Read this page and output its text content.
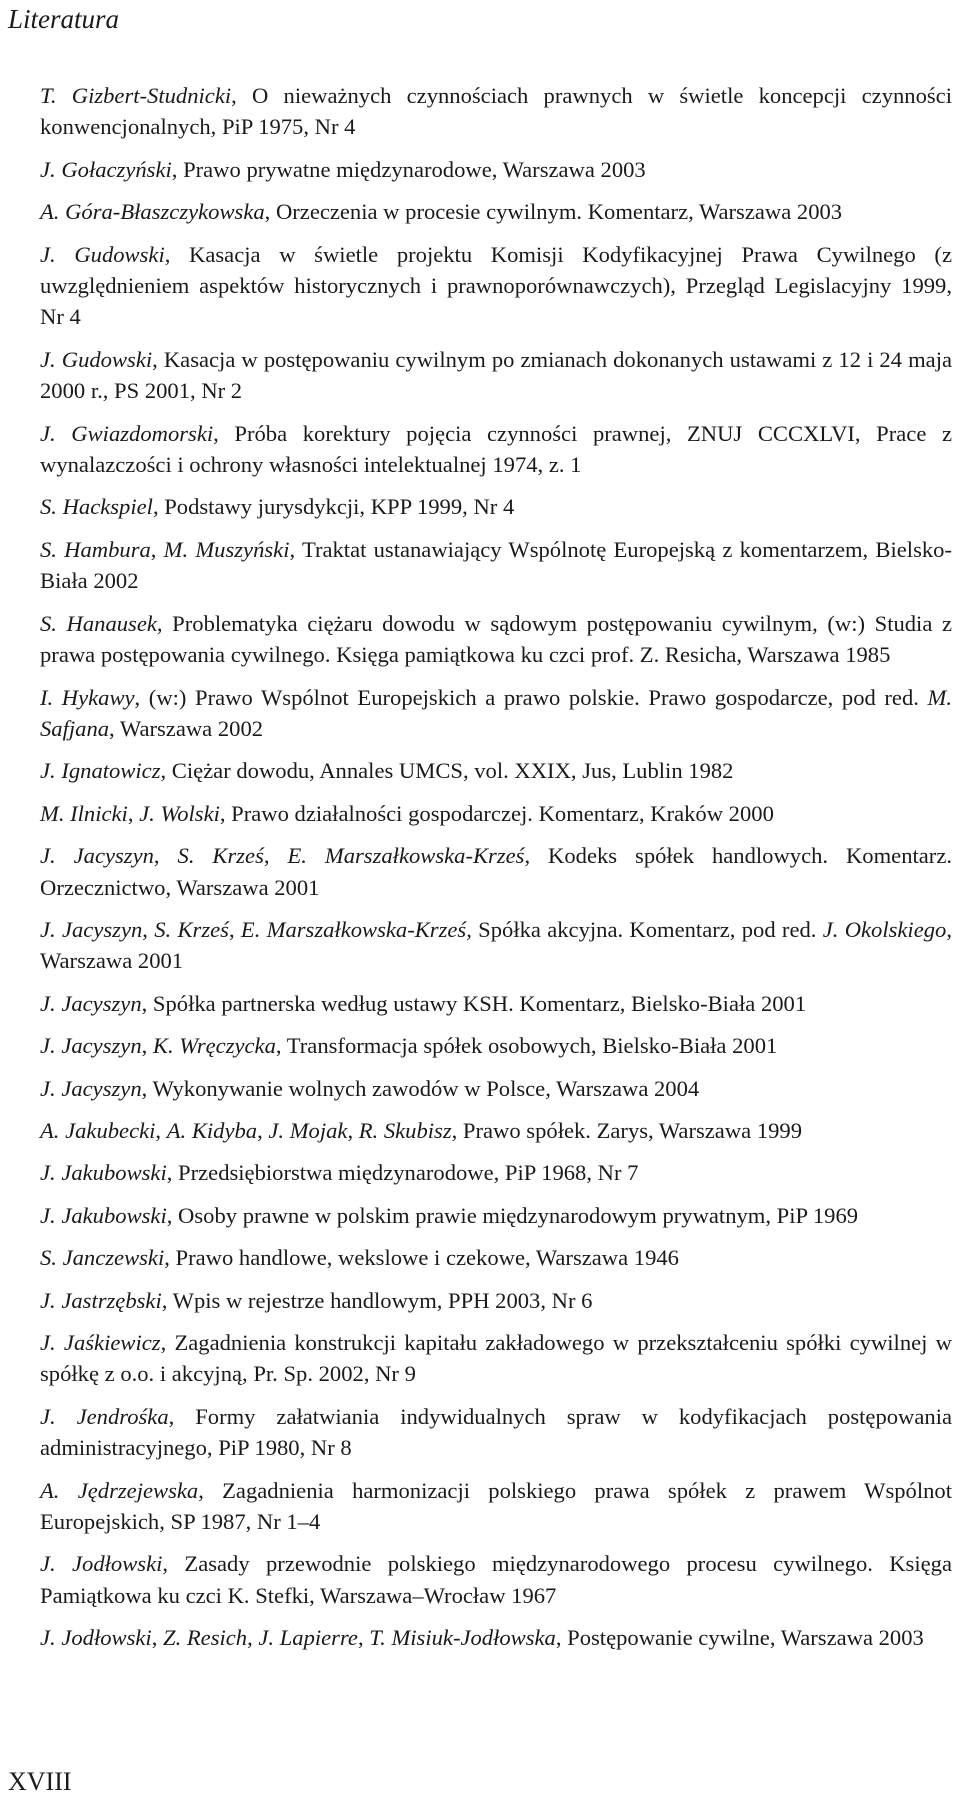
Literatura
T. Gizbert-Studnicki, O nieważnych czynnościach prawnych w świetle koncepcji czynności konwencjonalnych, PiP 1975, Nr 4
J. Gołaczyński, Prawo prywatne międzynarodowe, Warszawa 2003
A. Góra-Błaszczykowska, Orzeczenia w procesie cywilnym. Komentarz, Warszawa 2003
J. Gudowski, Kasacja w świetle projektu Komisji Kodyfikacyjnej Prawa Cywilnego (z uwzględnieniem aspektów historycznych i prawnoporównawczych), Przegląd Legislacyjny 1999, Nr 4
J. Gudowski, Kasacja w postępowaniu cywilnym po zmianach dokonanych ustawami z 12 i 24 maja 2000 r., PS 2001, Nr 2
J. Gwiazdomorski, Próba korektury pojęcia czynności prawnej, ZNUJ CCCXLVI, Prace z wynalazczości i ochrony własności intelektualnej 1974, z. 1
S. Hackspiel, Podstawy jurysdykcji, KPP 1999, Nr 4
S. Hambura, M. Muszyński, Traktat ustanawiający Wspólnotę Europejską z komentarzem, Bielsko-Biała 2002
S. Hanausek, Problematyka ciężaru dowodu w sądowym postępowaniu cywilnym, (w:) Studia z prawa postępowania cywilnego. Księga pamiątkowa ku czci prof. Z. Resicha, Warszawa 1985
I. Hykawy, (w:) Prawo Wspólnot Europejskich a prawo polskie. Prawo gospodarcze, pod red. M. Safjana, Warszawa 2002
J. Ignatowicz, Ciężar dowodu, Annales UMCS, vol. XXIX, Jus, Lublin 1982
M. Ilnicki, J. Wolski, Prawo działalności gospodarczej. Komentarz, Kraków 2000
J. Jacyszyn, S. Krześ, E. Marszałkowska-Krześ, Kodeks spółek handlowych. Komentarz. Orzecznictwo, Warszawa 2001
J. Jacyszyn, S. Krześ, E. Marszałkowska-Krześ, Spółka akcyjna. Komentarz, pod red. J. Okolskiego, Warszawa 2001
J. Jacyszyn, Spółka partnerska według ustawy KSH. Komentarz, Bielsko-Biała 2001
J. Jacyszyn, K. Wręczycka, Transformacja spółek osobowych, Bielsko-Biała 2001
J. Jacyszyn, Wykonywanie wolnych zawodów w Polsce, Warszawa 2004
A. Jakubecki, A. Kidyba, J. Mojak, R. Skubisz, Prawo spółek. Zarys, Warszawa 1999
J. Jakubowski, Przedsiębiorstwa międzynarodowe, PiP 1968, Nr 7
J. Jakubowski, Osoby prawne w polskim prawie międzynarodowym prywatnym, PiP 1969
S. Janczewski, Prawo handlowe, wekslowe i czekowe, Warszawa 1946
J. Jastrzębski, Wpis w rejestrze handlowym, PPH 2003, Nr 6
J. Jaśkiewicz, Zagadnienia konstrukcji kapitału zakładowego w przekształceniu spółki cywilnej w spółkę z o.o. i akcyjną, Pr. Sp. 2002, Nr 9
J. Jendrośka, Formy załatwiania indywidualnych spraw w kodyfikacjach postępowania administracyjnego, PiP 1980, Nr 8
A. Jędrzejewska, Zagadnienia harmonizacji polskiego prawa spółek z prawem Wspólnot Europejskich, SP 1987, Nr 1–4
J. Jodłowski, Zasady przewodnie polskiego międzynarodowego procesu cywilnego. Księga Pamiątkowa ku czci K. Stefki, Warszawa–Wrocław 1967
J. Jodłowski, Z. Resich, J. Lapierre, T. Misiuk-Jodłowska, Postępowanie cywilne, Warszawa 2003

XVIII
